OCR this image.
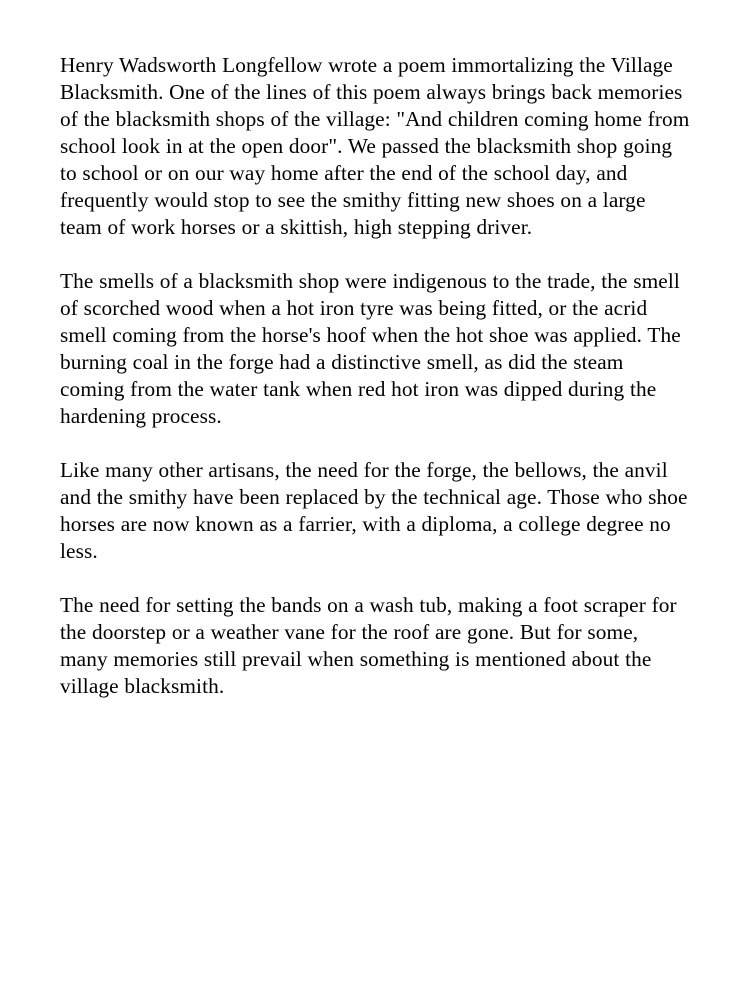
Henry Wadsworth Longfellow wrote a poem immortalizing the Village Blacksmith. One of the lines of this poem always brings back memories of the blacksmith shops of the village: "And children coming home from school look in at the open door". We passed the blacksmith shop going to school or on our way home after the end of the school day, and frequently would stop to see the smithy fitting new shoes on a large team of work horses or a skittish, high stepping driver.

The smells of a blacksmith shop were indigenous to the trade, the smell of scorched wood when a hot iron tyre was being fitted, or the acrid smell coming from the horse's hoof when the hot shoe was applied. The burning coal in the forge had a distinctive smell, as did the steam coming from the water tank when red hot iron was dipped during the hardening process.

Like many other artisans, the need for the forge, the bellows, the anvil and the smithy have been replaced by the technical age. Those who shoe horses are now known as a farrier, with a diploma, a college degree no less.

The need for setting the bands on a wash tub, making a foot scraper for the doorstep or a weather vane for the roof are gone. But for some, many memories still prevail when something is mentioned about the village blacksmith.
